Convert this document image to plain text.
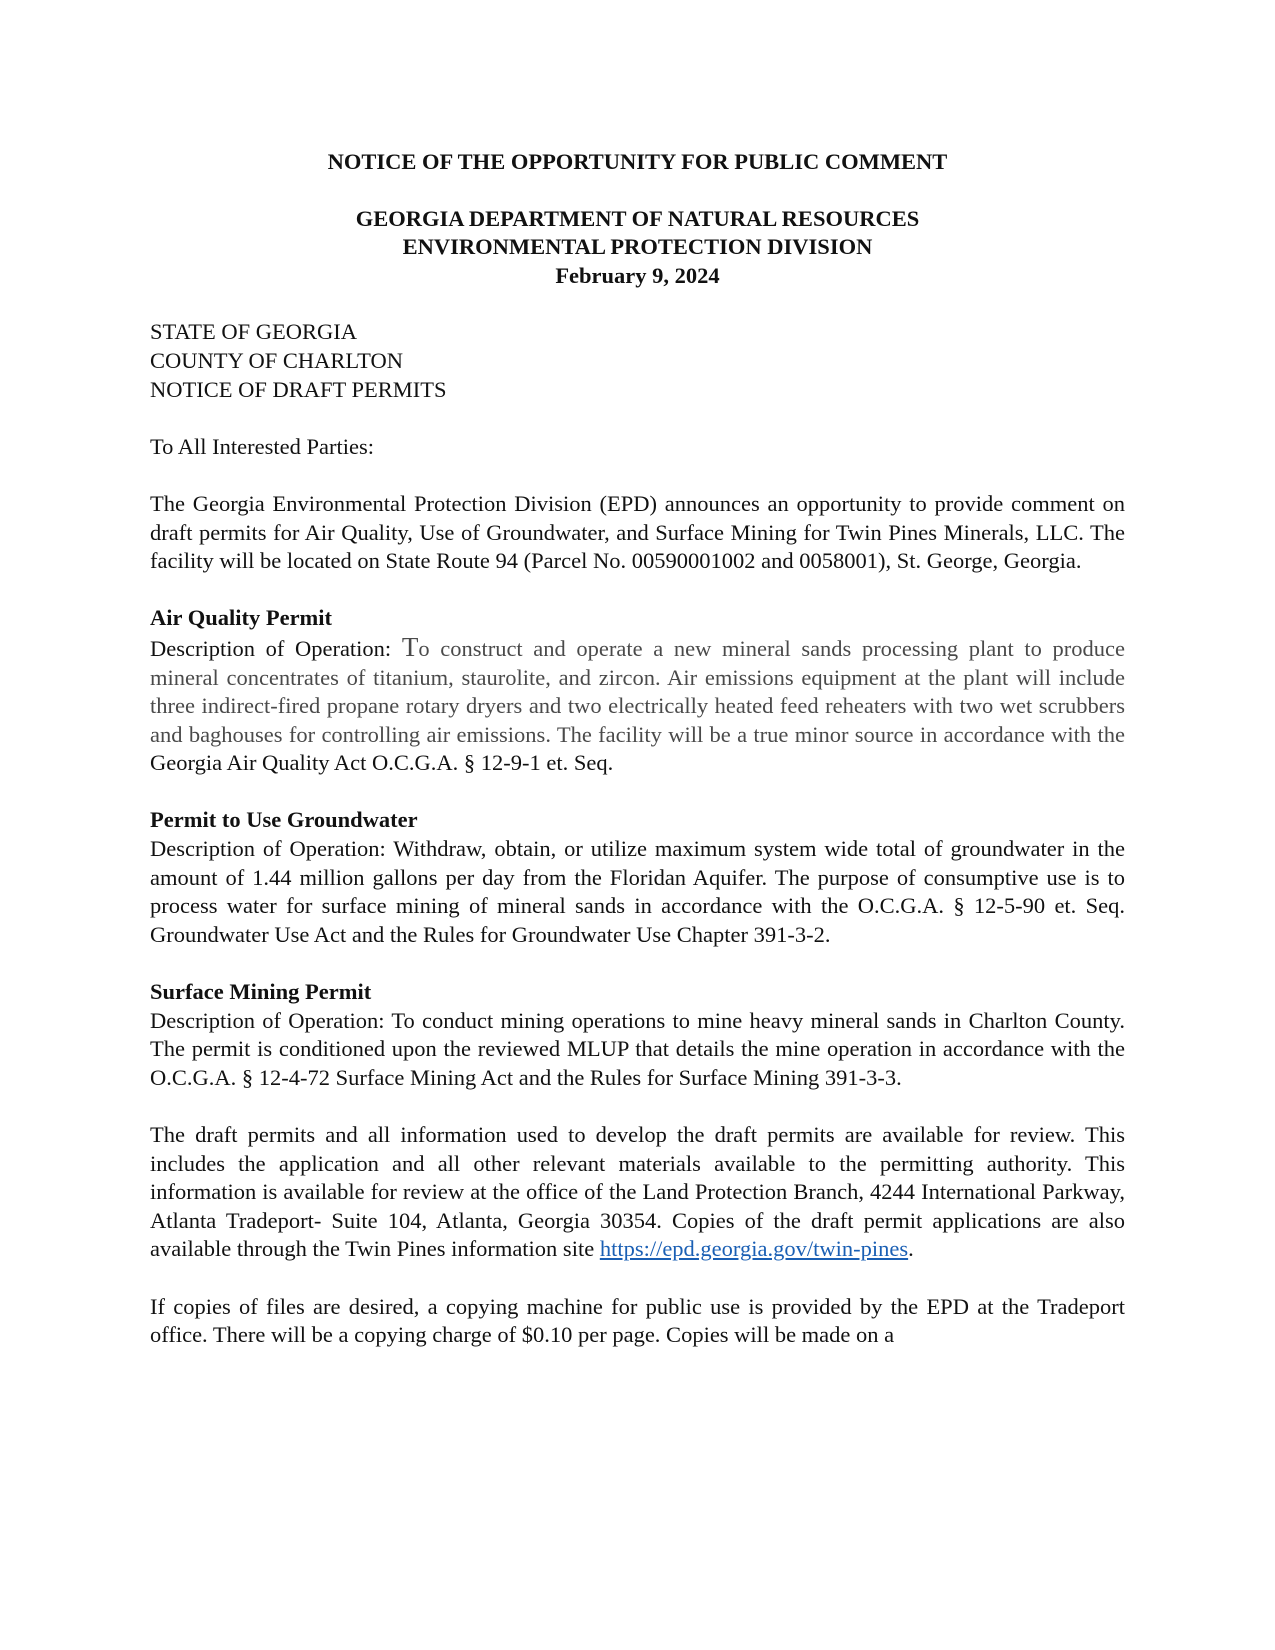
NOTICE OF THE OPPORTUNITY FOR PUBLIC COMMENT
GEORGIA DEPARTMENT OF NATURAL RESOURCES
ENVIRONMENTAL PROTECTION DIVISION
February 9, 2024
STATE OF GEORGIA
COUNTY OF CHARLTON
NOTICE OF DRAFT PERMITS

To All Interested Parties:

The Georgia Environmental Protection Division (EPD) announces an opportunity to provide comment on draft permits for Air Quality, Use of Groundwater, and Surface Mining for Twin Pines Minerals, LLC. The facility will be located on State Route 94 (Parcel No. 00590001002 and 0058001), St. George, Georgia.

Air Quality Permit

Description of Operation: To construct and operate a new mineral sands processing plant to produce mineral concentrates of titanium, staurolite, and zircon. Air emissions equipment at the plant will include three indirect-fired propane rotary dryers and two electrically heated feed reheaters with two wet scrubbers and baghouses for controlling air emissions. The facility will be a true minor source in accordance with the Georgia Air Quality Act O.C.G.A. § 12-9-1 et. Seq.

Permit to Use Groundwater

Description of Operation: Withdraw, obtain, or utilize maximum system wide total of groundwater in the amount of 1.44 million gallons per day from the Floridan Aquifer. The purpose of consumptive use is to process water for surface mining of mineral sands in accordance with the O.C.G.A. § 12-5-90 et. Seq. Groundwater Use Act and the Rules for Groundwater Use Chapter 391-3-2.

Surface Mining Permit

Description of Operation: To conduct mining operations to mine heavy mineral sands in Charlton County. The permit is conditioned upon the reviewed MLUP that details the mine operation in accordance with the O.C.G.A. § 12-4-72 Surface Mining Act and the Rules for Surface Mining 391-3-3.

The draft permits and all information used to develop the draft permits are available for review. This includes the application and all other relevant materials available to the permitting authority. This information is available for review at the office of the Land Protection Branch, 4244 International Parkway, Atlanta Tradeport- Suite 104, Atlanta, Georgia 30354. Copies of the draft permit applications are also available through the Twin Pines information site https://epd.georgia.gov/twin-pines.

If copies of files are desired, a copying machine for public use is provided by the EPD at the Tradeport office. There will be a copying charge of $0.10 per page. Copies will be made on a
